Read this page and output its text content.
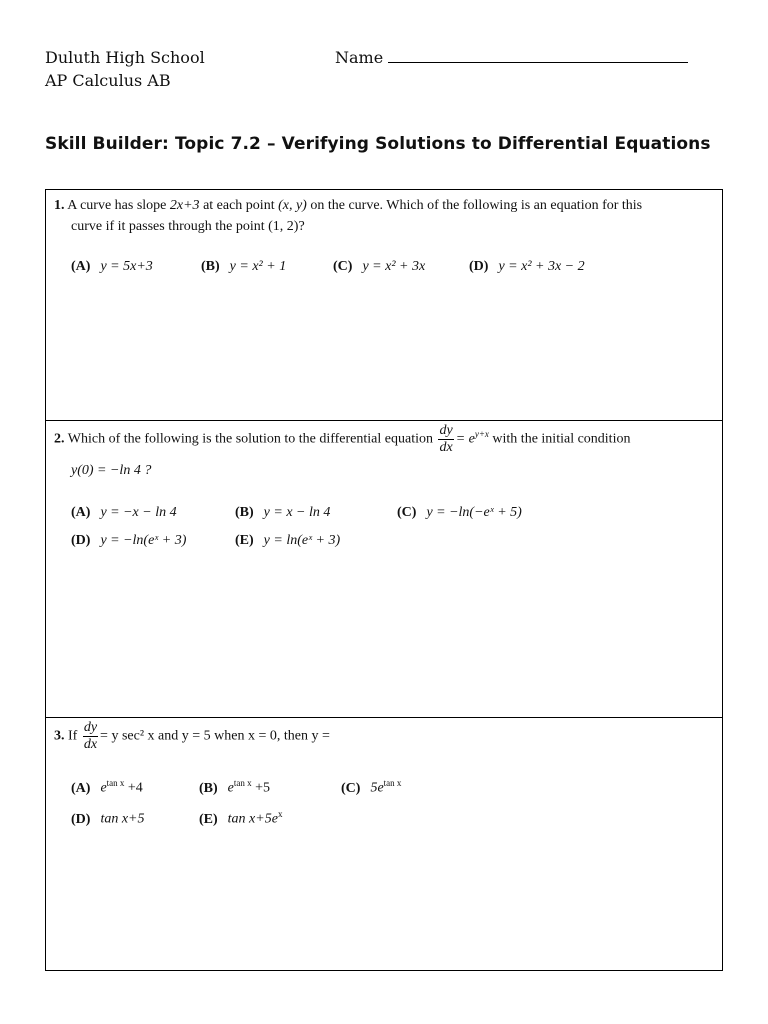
Duluth High School
AP Calculus AB
Name
Skill Builder: Topic 7.2 – Verifying Solutions to Differential Equations
1. A curve has slope 2x+3 at each point (x, y) on the curve. Which of the following is an equation for this
curve if it passes through the point (1, 2)?
(A) y = 5x+3	(B) y = x² + 1	(C) y = x² + 3x	(D) y = x² + 3x − 2
2. Which of the following is the solution to the differential equation $\frac{dy}{dx} = e^{y+x}$ with the initial condition
y(0) = −ln 4 ?
(A) y = −x − ln 4	(B) y = x − ln 4	(C) y = −ln(−eˣ + 5)
(D) y = −ln(eˣ + 3)	(E) y = ln(eˣ + 3)
3. If $\frac{dy}{dx} = y$ sec² x and y = 5 when x = 0, then y =
(A) $e^{tan x} +4$	(B) $e^{tan x} +5$	(C) $5e^{tan x}$
(D) tan x+5	(E) $\tan x+5e^x$
